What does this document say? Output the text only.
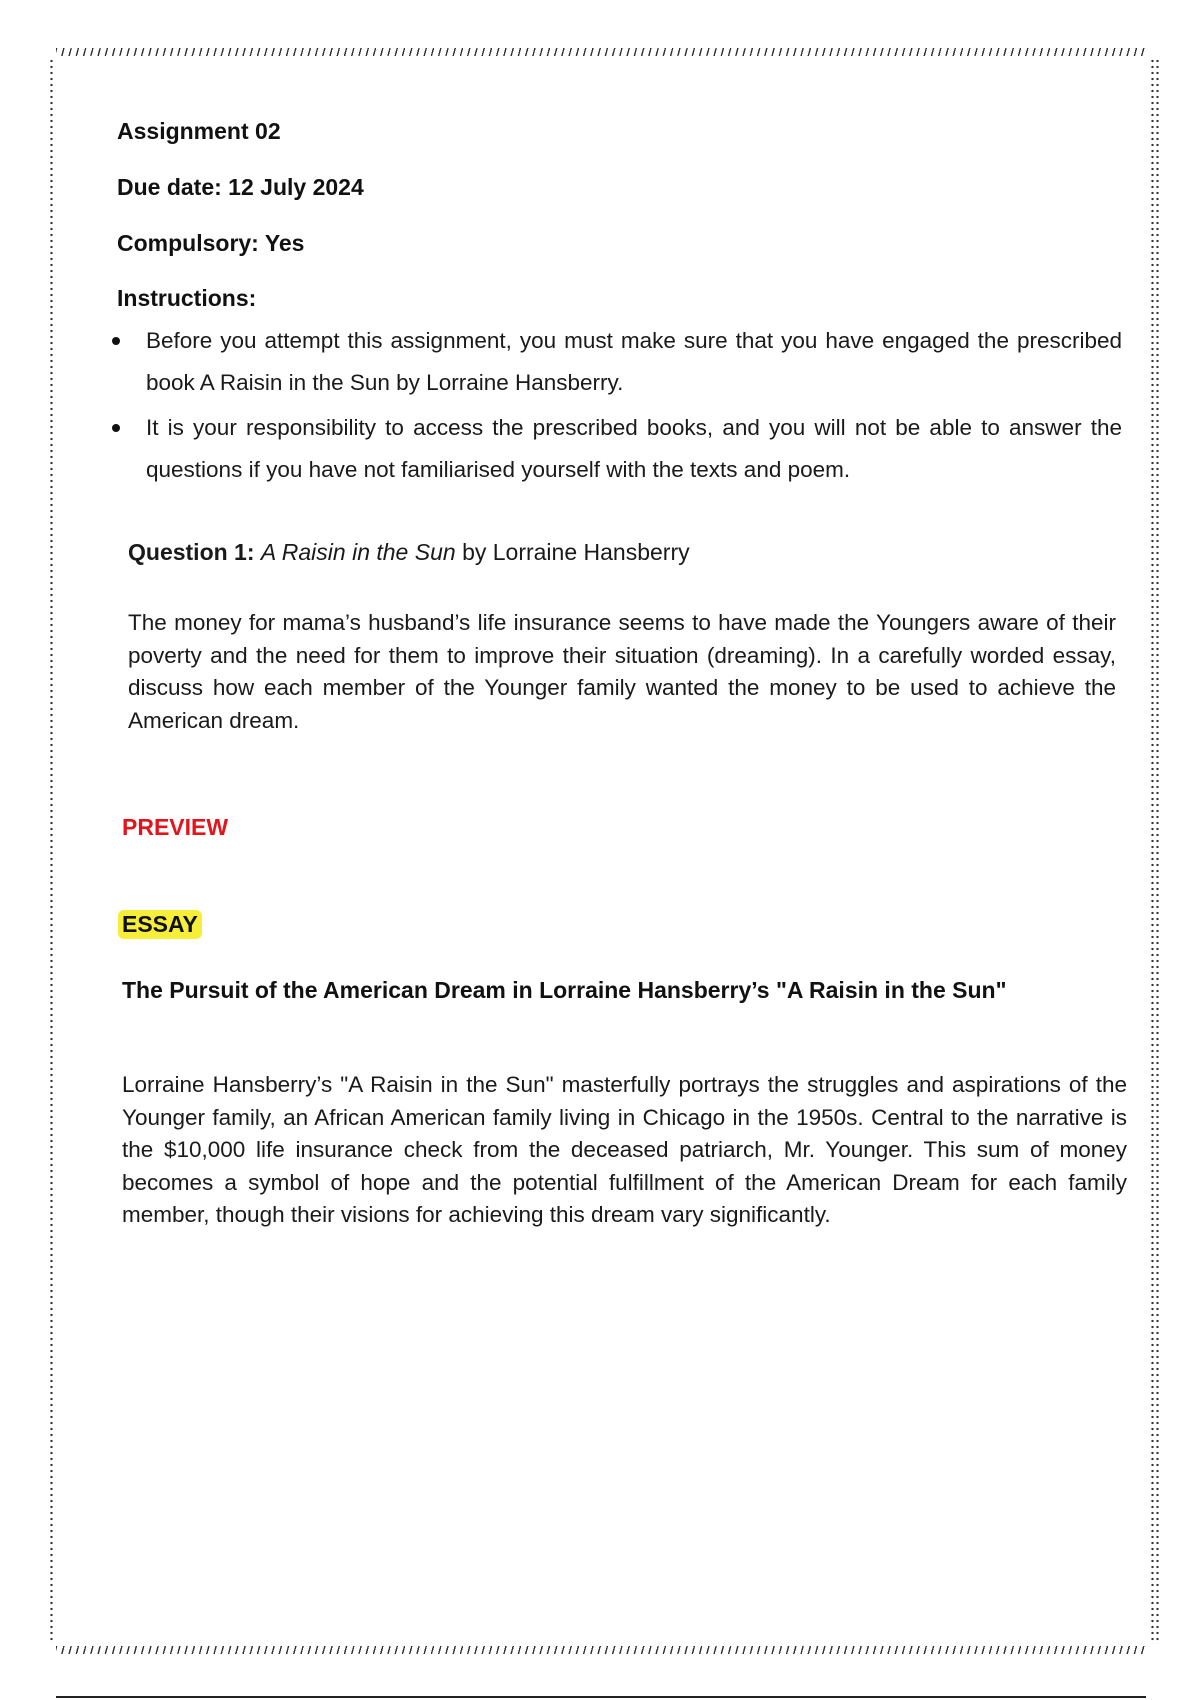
Assignment 02
Due date: 12 July 2024
Compulsory: Yes
Instructions:
Before you attempt this assignment, you must make sure that you have engaged the prescribed book A Raisin in the Sun by Lorraine Hansberry.
It is your responsibility to access the prescribed books, and you will not be able to answer the questions if you have not familiarised yourself with the texts and poem.
Question 1: A Raisin in the Sun by Lorraine Hansberry
The money for mama’s husband’s life insurance seems to have made the Youngers aware of their poverty and the need for them to improve their situation (dreaming). In a carefully worded essay, discuss how each member of the Younger family wanted the money to be used to achieve the American dream.
PREVIEW
ESSAY
The Pursuit of the American Dream in Lorraine Hansberry’s "A Raisin in the Sun"
Lorraine Hansberry’s "A Raisin in the Sun" masterfully portrays the struggles and aspirations of the Younger family, an African American family living in Chicago in the 1950s. Central to the narrative is the $10,000 life insurance check from the deceased patriarch, Mr. Younger. This sum of money becomes a symbol of hope and the potential fulfillment of the American Dream for each family member, though their visions for achieving this dream vary significantly.
